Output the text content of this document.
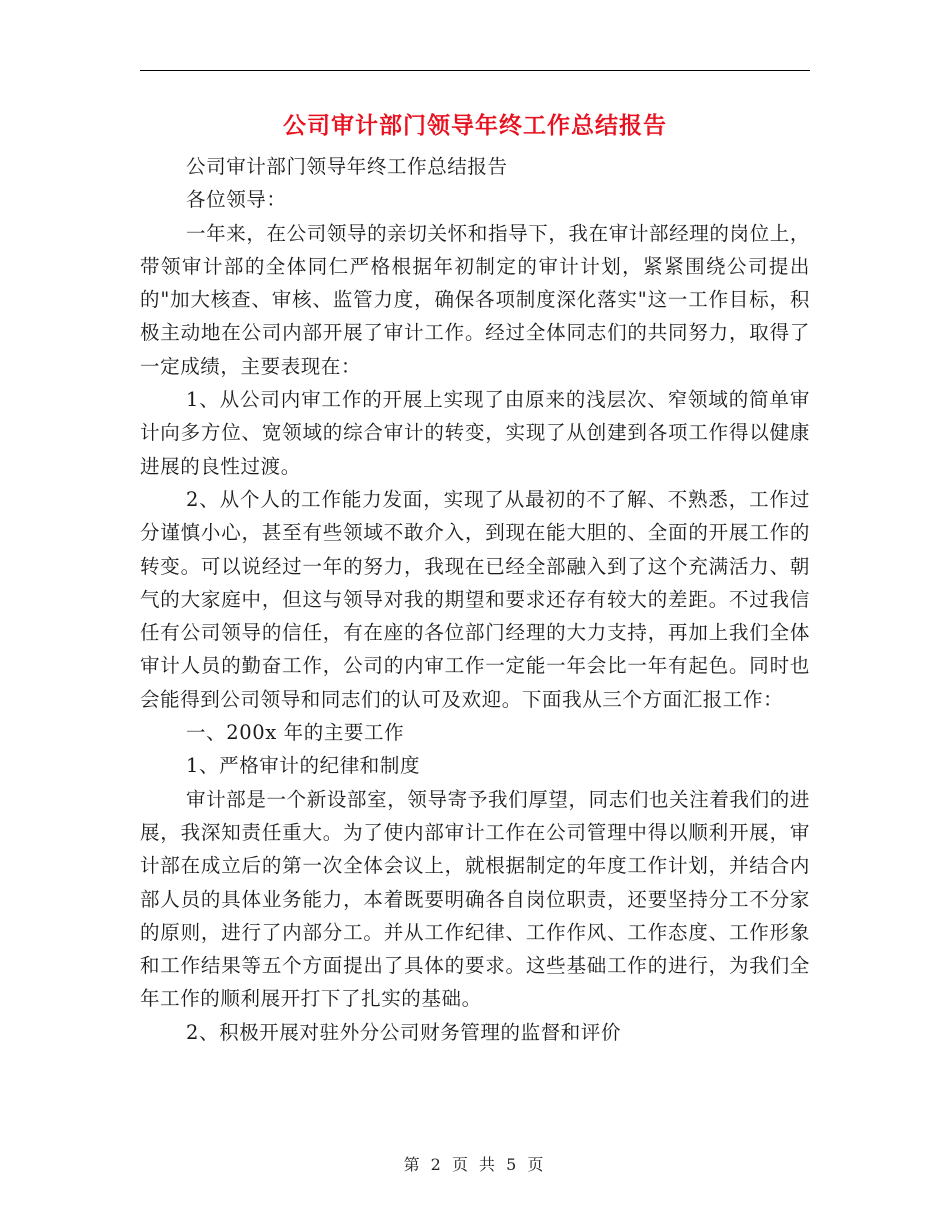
公司审计部门领导年终工作总结报告

公司审计部门领导年终工作总结报告

各位领导：

一年来，在公司领导的亲切关怀和指导下，我在审计部经理的岗位上，带领审计部的全体同仁严格根据年初制定的审计计划，紧紧围绕公司提出的"加大核查、审核、监管力度，确保各项制度深化落实"这一工作目标，积极主动地在公司内部开展了审计工作。经过全体同志们的共同努力，取得了一定成绩，主要表现在：

1、从公司内审工作的开展上实现了由原来的浅层次、窄领域的简单审计向多方位、宽领域的综合审计的转变，实现了从创建到各项工作得以健康进展的良性过渡。

2、从个人的工作能力发面，实现了从最初的不了解、不熟悉，工作过分谨慎小心，甚至有些领域不敢介入，到现在能大胆的、全面的开展工作的转变。可以说经过一年的努力，我现在已经全部融入到了这个充满活力、朝气的大家庭中，但这与领导对我的期望和要求还存有较大的差距。不过我信任有公司领导的信任，有在座的各位部门经理的大力支持，再加上我们全体审计人员的勤奋工作，公司的内审工作一定能一年会比一年有起色。同时也会能得到公司领导和同志们的认可及欢迎。下面我从三个方面汇报工作：

一、200x 年的主要工作

1、严格审计的纪律和制度

审计部是一个新设部室，领导寄予我们厚望，同志们也关注着我们的进展，我深知责任重大。为了使内部审计工作在公司管理中得以顺利开展，审计部在成立后的第一次全体会议上，就根据制定的年度工作计划，并结合内部人员的具体业务能力，本着既要明确各自岗位职责，还要坚持分工不分家的原则，进行了内部分工。并从工作纪律、工作作风、工作态度、工作形象和工作结果等五个方面提出了具体的要求。这些基础工作的进行，为我们全年工作的顺利展开打下了扎实的基础。

2、积极开展对驻外分公司财务管理的监督和评价

第 2 页 共 5 页
